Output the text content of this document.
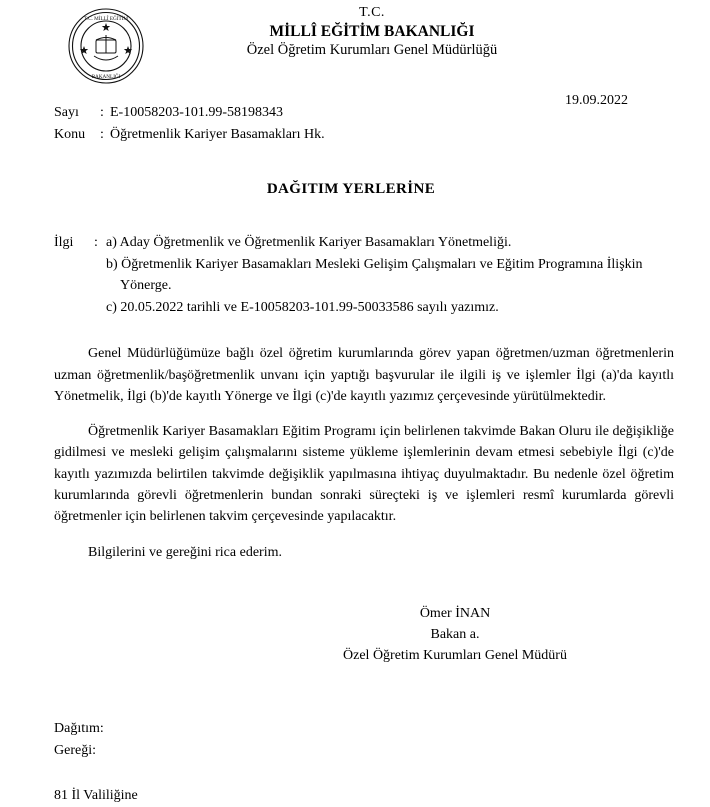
T.C. MİLLÎ EĞİTİM
BAKANLIĞI
T.C.
MİLLÎ EĞİTİM BAKANLIĞI
Özel Öğretim Kurumları Genel Müdürlüğü
19.09.2022
Sayı	: E-10058203-101.99-58198343
Konu	: Öğretmenlik Kariyer Basamakları Hk.
DAĞITIM YERLERİNE
İlgi	: a) Aday Öğretmenlik ve Öğretmenlik Kariyer Basamakları Yönetmeliği.
b) Öğretmenlik Kariyer Basamakları Mesleki Gelişim Çalışmaları ve Eğitim Programına İlişkin
Yönerge.
c) 20.05.2022 tarihli ve E-10058203-101.99-50033586 sayılı yazımız.

Genel Müdürlüğümüze bağlı özel öğretim kurumlarında görev yapan öğretmen/uzman öğretmenlerin uzman öğretmenlik/başöğretmenlik unvanı için yaptığı başvurular ile ilgili iş ve işlemler İlgi (a)'da kayıtlı Yönetmelik, İlgi (b)'de kayıtlı Yönerge ve İlgi (c)'de kayıtlı yazımız çerçevesinde yürütülmektedir.

Öğretmenlik Kariyer Basamakları Eğitim Programı için belirlenen takvimde Bakan Oluru ile değişikliğe gidilmesi ve mesleki gelişim çalışmalarını sisteme yükleme işlemlerinin devam etmesi sebebiyle İlgi (c)'de kayıtlı yazımızda belirtilen takvimde değişiklik yapılmasına ihtiyaç duyulmaktadır. Bu nedenle özel öğretim kurumlarında görevli öğretmenlerin bundan sonraki süreçteki iş ve işlemleri resmî kurumlarda görevli öğretmenler için belirlenen takvim çerçevesinde yapılacaktır.

Bilgilerini ve gereğini rica ederim.

Ömer İNAN
Bakan a.
Özel Öğretim Kurumları Genel Müdürü
Dağıtım:
Gereği:
81 İl Valiliğine
